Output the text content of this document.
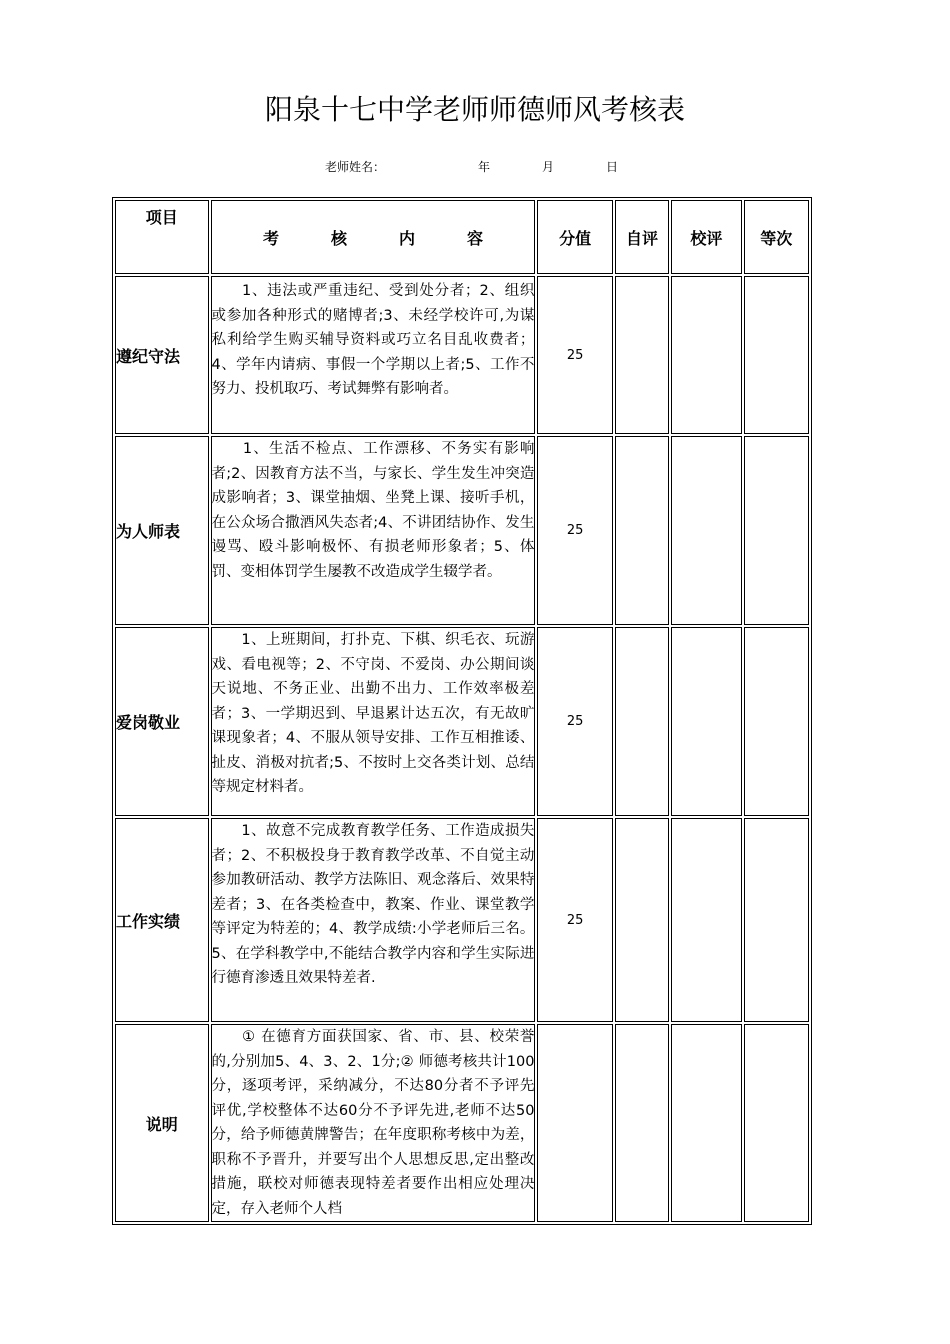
阳泉十七中学老师师德师风考核表
老师姓名：	年	月	日
项目	考 核 内 容	分值	自评	校评	等次
遵纪守法	　　1、违法或严重违纪、受到处分者；2、组织或参加各种形式的赌博者;3、未经学校许可,为谋私利给学生购买辅导资料或巧立名目乱收费者；4、学年内请病、事假一个学期以上者;5、工作不努力、投机取巧、考试舞弊有影响者。	25			
为人师表	　　1、生活不检点、工作漂移、不务实有影响者;2、因教育方法不当，与家长、学生发生冲突造成影响者；3、课堂抽烟、坐凳上课、接听手机，在公众场合撒酒风失态者;4、不讲团结协作、发生谩骂、殴斗影响极怀、有损老师形象者；5、体罚、变相体罚学生屡教不改造成学生辍学者。	25			
爱岗敬业	　　1、上班期间，打扑克、下棋、织毛衣、玩游戏、看电视等；2、不守岗、不爱岗、办公期间谈天说地、不务正业、出勤不出力、工作效率极差者；3、一学期迟到、早退累计达五次，有无故旷课现象者；4、不服从领导安排、工作互相推诿、扯皮、消极对抗者;5、不按时上交各类计划、总结等规定材料者。	25			
工作实绩	　　1、故意不完成教育教学任务、工作造成损失者；2、不积极投身于教育教学改革、不自觉主动参加教研活动、教学方法陈旧、观念落后、效果特差者；3、在各类检查中，教案、作业、课堂教学等评定为特差的；4、教学成绩:小学老师后三名。5、在学科教学中,不能结合教学内容和学生实际进行德育渗透且效果特差者.	25			
说明	　　① 在德育方面获国家、省、市、县、校荣誉的,分别加5、4、3、2、1分;② 师德考核共计100分，逐项考评，采纳减分，不达80分者不予评先评优,学校整体不达60分不予评先进,老师不达50分，给予师德黄牌警告；在年度职称考核中为差，职称不予晋升，并要写出个人思想反思,定出整改措施，联校对师德表现特差者要作出相应处理决定，存入老师个人档				
